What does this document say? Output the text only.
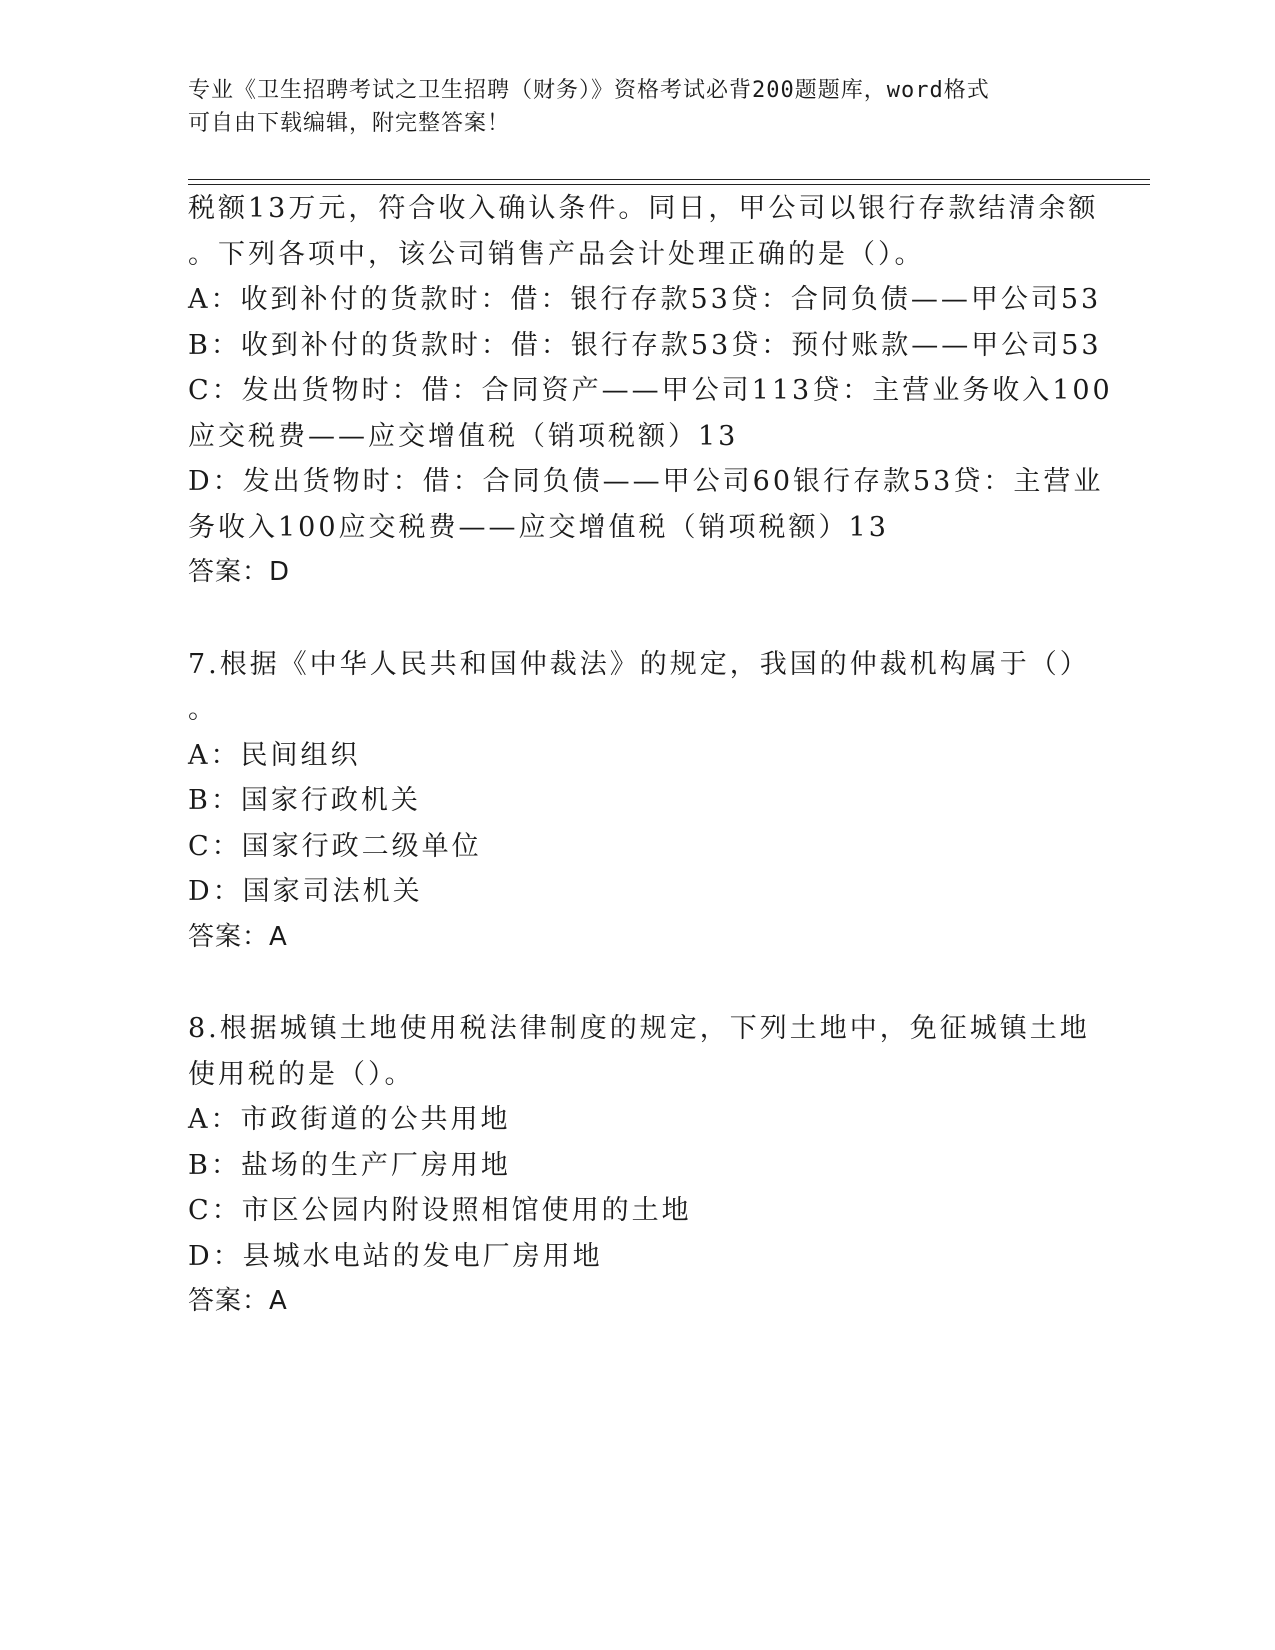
专业《卫生招聘考试之卫生招聘（财务）》资格考试必背200题题库，word格式
可自由下载编辑，附完整答案！

税额13万元，符合收入确认条件。同日，甲公司以银行存款结清余额

。下列各项中，该公司销售产品会计处理正确的是（）。

A：收到补付的货款时：借：银行存款53贷：合同负债——甲公司53

B：收到补付的货款时：借：银行存款53贷：预付账款——甲公司53

C：发出货物时：借：合同资产——甲公司113贷：主营业务收入100

应交税费——应交增值税（销项税额）13

D：发出货物时：借：合同负债——甲公司60银行存款53贷：主营业

务收入100应交税费——应交增值税（销项税额）13

答案：D

7.根据《中华人民共和国仲裁法》的规定，我国的仲裁机构属于（）

。

A：民间组织

B：国家行政机关

C：国家行政二级单位

D：国家司法机关

答案：A

8.根据城镇土地使用税法律制度的规定，下列土地中，免征城镇土地

使用税的是（）。

A：市政街道的公共用地

B：盐场的生产厂房用地

C：市区公园内附设照相馆使用的土地

D：县城水电站的发电厂房用地

答案：A
